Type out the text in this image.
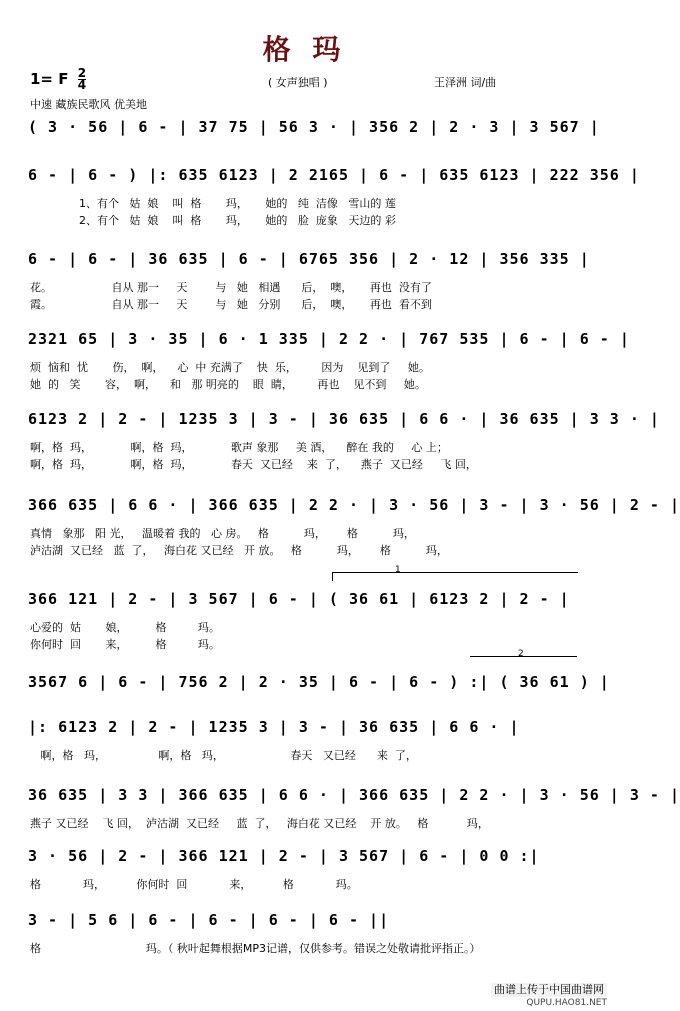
格 玛
1= F $\frac{2}{4}$	( 女声独唱 )	王泽洲 词/曲
中速 藏族民歌风 优美地
( 3 · 56 | 6 - | 37 75 | 56 3 · | 356 2 | 2 · 3 | 3 567 |
6 - | 6 - ) |: 635 6123 | 2 2165 | 6 - | 635 6123 | 222 356 |
1、有个   姑  娘    叫  格       玛，     她的   纯  洁像   雪山的 莲
2、有个   姑  娘    叫  格       玛，     她的   脸  庞象   天边的 彩
6 - | 6 - | 36 635 | 6 - | 6765 356 | 2 · 12 | 356 335 |
花。                 自从 那一     天        与   她   相遇      后，  噢，     再也  没有了
霞。                 自从 那一     天        与   她   分别      后，  噢，     再也  看不到
2321 65 | 3 · 35 | 6 · 1 335 | 2 2 · | 767 535 | 6 - | 6 - |
烦  恼和  忧       伤，  啊，    心  中 充满了    快  乐，       因为    见到了     她。
她  的   笑       容，  啊，    和   那 明亮的    眼  睛，       再也    见不到     她。
6123 2 | 2 - | 1235 3 | 3 - | 36 635 | 6 6 · | 36 635 | 3 3 · |
啊，格  玛，           啊，格  玛，           歌声 象那     美 酒，    醉在 我的     心 上；
啊，格  玛，           啊，格  玛，           春天  又已经    来  了，    燕子  又已经     飞 回，
366 635 | 6 6 · | 366 635 | 2 2 · | 3 · 56 | 3 - | 3 · 56 | 2 - |
真情   象那   阳 光，   温暖着 我的   心 房。   格          玛，      格          玛，
泸沽湖  又已经   蓝  了，   海白花 又已经   开 放。   格          玛，      格          玛，
366 121 | 2 - | 3 567 | 6 - | ( 36 61 | 6123 2 | 2 - |
心爱的  姑       娘，        格         玛。
你何时  回       来，        格         玛。
3567 6 | 6 - | 756 2 | 2 · 35 | 6 - | 6 - ) :| ( 36 61 ) |
|: 6123 2 | 2 - | 1235 3 | 3 - | 36 635 | 6 6 · |
啊，格   玛，               啊，格   玛，                   春天   又已经      来  了，
36 635 | 3 3 | 366 635 | 6 6 · | 366 635 | 2 2 · | 3 · 56 | 3 - |
燕子 又已经    飞 回，  泸沽湖  又已经     蓝  了，   海白花 又已经    开 放。   格           玛，
3 · 56 | 2 - | 366 121 | 2 - | 3 567 | 6 - | 0 0 :|
格            玛，         你何时  回            来，         格            玛。
3 - | 5 6 | 6 - | 6 - | 6 - | 6 - ||
格                              玛。（ 秋叶起舞根据MP3记谱，仅供参考。错误之处敬请批评指正。）
1
2
曲谱上传于中国曲谱网
QUPU.HAO81.NET
